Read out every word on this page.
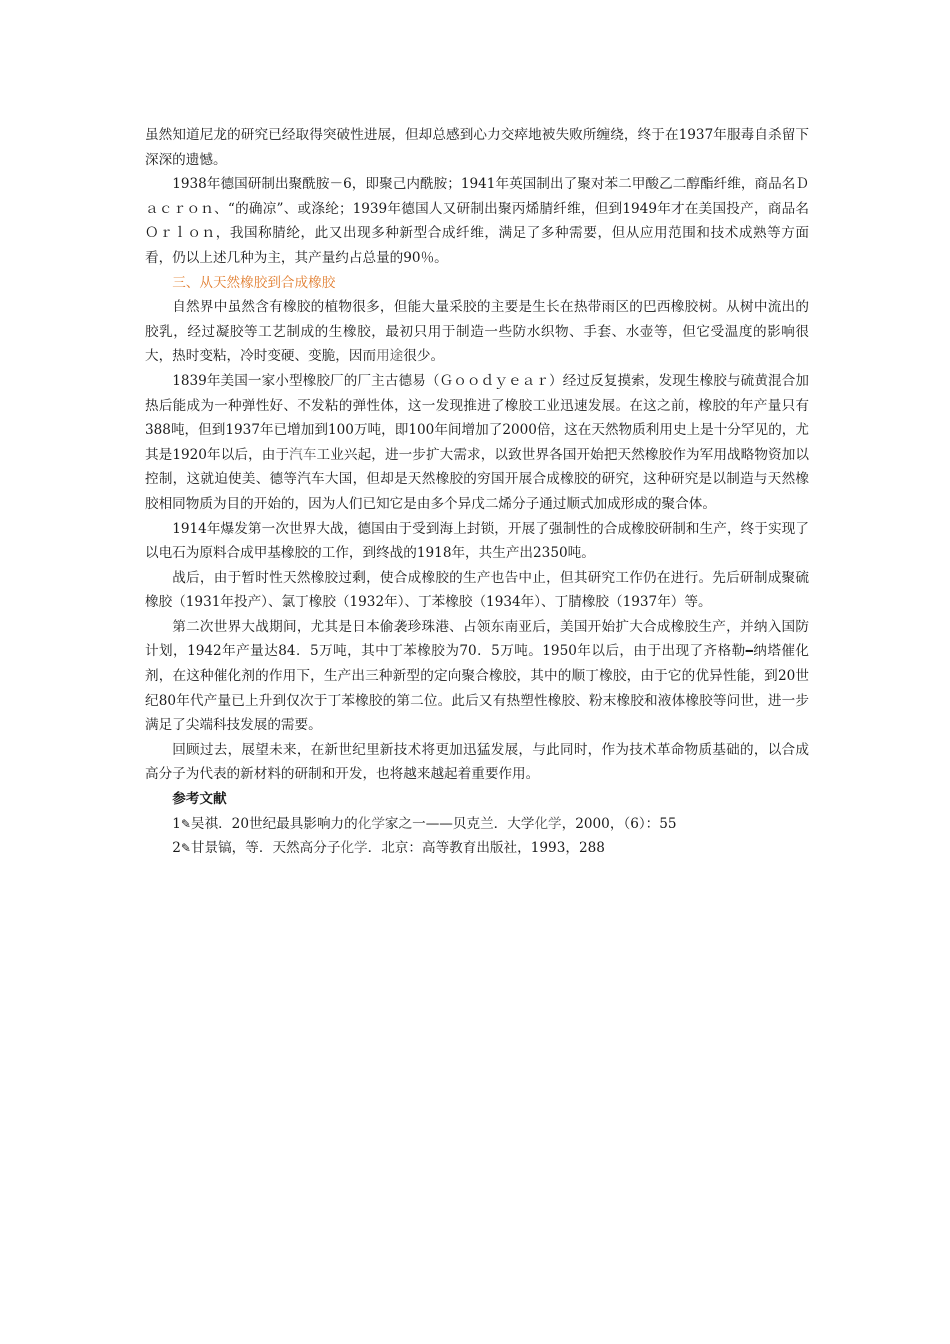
虽然知道尼龙的研究已经取得突破性进展，但却总感到心力交瘁地被失败所缠绕，终于在1937年服毒自杀留下深深的遗憾。

1938年德国研制出聚酰胺－6，即聚己内酰胺；1941年英国制出了聚对苯二甲酸乙二醇酯纤维，商品名Ｄａｃｒｏｎ、“的确凉”、或涤纶；1939年德国人又研制出聚丙烯腈纤维，但到1949年才在美国投产，商品名Ｏｒｌｏｎ，我国称腈纶，此又出现多种新型合成纤维，满足了多种需要，但从应用范围和技术成熟等方面看，仍以上述几种为主，其产量约占总量的90％。

三、从天然橡胶到合成橡胶

自然界中虽然含有橡胶的植物很多，但能大量采胶的主要是生长在热带雨区的巴西橡胶树。从树中流出的胶乳，经过凝胶等工艺制成的生橡胶，最初只用于制造一些防水织物、手套、水壶等，但它受温度的影响很大，热时变粘，冷时变硬、变脆，因而用途很少。

1839年美国一家小型橡胶厂的厂主古德易（Ｇｏｏｄｙｅａｒ）经过反复摸索，发现生橡胶与硫黄混合加热后能成为一种弹性好、不发粘的弹性体，这一发现推进了橡胶工业迅速发展。在这之前，橡胶的年产量只有388吨，但到1937年已增加到100万吨，即100年间增加了2000倍，这在天然物质利用史上是十分罕见的，尤其是1920年以后，由于汽车工业兴起，进一步扩大需求，以致世界各国开始把天然橡胶作为军用战略物资加以控制，这就迫使美、德等汽车大国，但却是天然橡胶的穷国开展合成橡胶的研究，这种研究是以制造与天然橡胶相同物质为目的开始的，因为人们已知它是由多个异戊二烯分子通过顺式加成形成的聚合体。

1914年爆发第一次世界大战，德国由于受到海上封锁，开展了强制性的合成橡胶研制和生产，终于实现了以电石为原料合成甲基橡胶的工作，到终战的1918年，共生产出2350吨。

战后，由于暂时性天然橡胶过剩，使合成橡胶的生产也告中止，但其研究工作仍在进行。先后研制成聚硫橡胶（1931年投产）、氯丁橡胶（1932年）、丁苯橡胶（1934年）、丁腈橡胶（1937年）等。

第二次世界大战期间，尤其是日本偷袭珍珠港、占领东南亚后，美国开始扩大合成橡胶生产，并纳入国防计划，1942年产量达84．5万吨，其中丁苯橡胶为70．5万吨。1950年以后，由于出现了齐格勒━纳塔催化剂，在这种催化剂的作用下，生产出三种新型的定向聚合橡胶，其中的顺丁橡胶，由于它的优异性能，到20世纪80年代产量已上升到仅次于丁苯橡胶的第二位。此后又有热塑性橡胶、粉末橡胶和液体橡胶等问世，进一步满足了尖端科技发展的需要。

回顾过去，展望未来，在新世纪里新技术将更加迅猛发展，与此同时，作为技术革命物质基础的，以合成高分子为代表的新材料的研制和开发，也将越来越起着重要作用。

参考文献

1✎吴祺．20世纪最具影响力的化学家之一——贝克兰．大学化学，2000，（6）：55

2✎甘景镐，等．天然高分子化学．北京：高等教育出版社，1993，288
